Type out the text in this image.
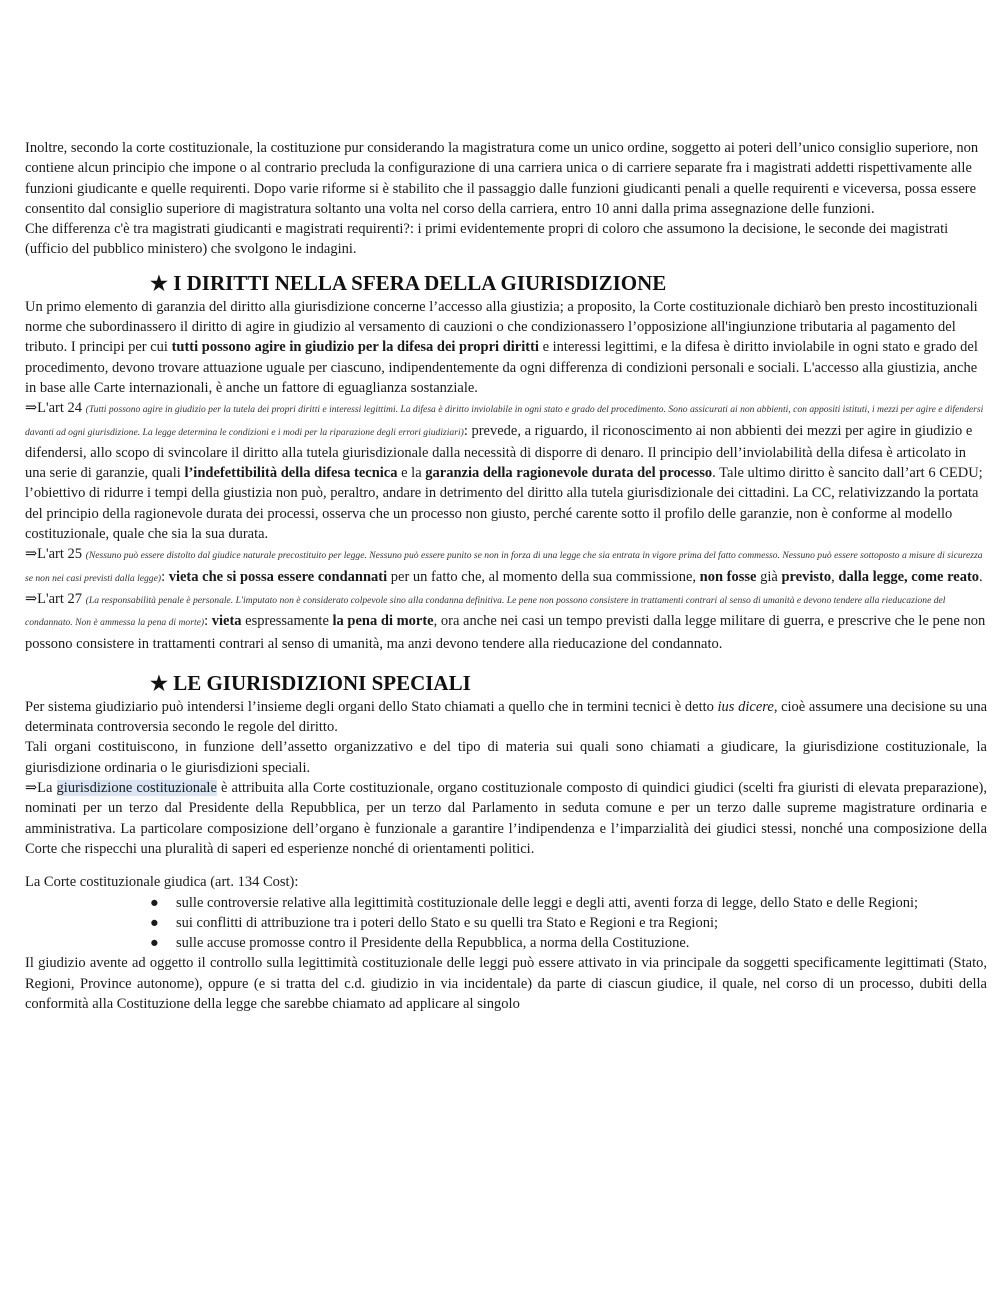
Inoltre, secondo la corte costituzionale, la costituzione pur considerando la magistratura come un unico ordine, soggetto ai poteri dell’unico consiglio superiore, non contiene alcun principio che impone o al contrario precluda la configurazione di una carriera unica o di carriere separate fra i magistrati addetti rispettivamente alle funzioni giudicante e quelle requirenti. Dopo varie riforme si è stabilito che il passaggio dalle funzioni giudicanti penali a quelle requirenti e viceversa, possa essere consentito dal consiglio superiore di magistratura soltanto una volta nel corso della carriera, entro 10 anni dalla prima assegnazione delle funzioni.

Che differenza c'è tra magistrati giudicanti e magistrati requirenti?: i primi evidentemente propri di coloro che assumono la decisione, le seconde dei magistrati (ufficio del pubblico ministero) che svolgono le indagini.

★ I DIRITTI NELLA SFERA DELLA GIURISDIZIONE

Un primo elemento di garanzia del diritto alla giurisdizione concerne l’accesso alla giustizia; a proposito, la Corte costituzionale dichiarò ben presto incostituzionali norme che subordinassero il diritto di agire in giudizio al versamento di cauzioni o che condizionassero l’opposizione all'ingiunzione tributaria al pagamento del tributo. I principi per cui tutti possono agire in giudizio per la difesa dei propri diritti e interessi legittimi, e la difesa è diritto inviolabile in ogni stato e grado del procedimento, devono trovare attuazione uguale per ciascuno, indipendentemente da ogni differenza di condizioni personali e sociali. L'accesso alla giustizia, anche in base alle Carte internazionali, è anche un fattore di eguaglianza sostanziale.

⇒L'art 24 (Tutti possono agire in giudizio per la tutela dei propri diritti e interessi legittimi. La difesa è diritto inviolabile in ogni stato e grado del procedimento. Sono assicurati ai non abbienti, con appositi istituti, i mezzi per agire e difendersi davanti ad ogni giurisdizione. La legge determina le condizioni e i modi per la riparazione degli errori giudiziari): prevede, a riguardo, il riconoscimento ai non abbienti dei mezzi per agire in giudizio e difendersi, allo scopo di svincolare il diritto alla tutela giurisdizionale dalla necessità di disporre di denaro. Il principio dell’inviolabilità della difesa è articolato in una serie di garanzie, quali l’indefettibilità della difesa tecnica e la garanzia della ragionevole durata del processo. Tale ultimo diritto è sancito dall’art 6 CEDU; l’obiettivo di ridurre i tempi della giustizia non può, peraltro, andare in detrimento del diritto alla tutela giurisdizionale dei cittadini. La CC, relativizzando la portata del principio della ragionevole durata dei processi, osserva che un processo non giusto, perché carente sotto il profilo delle garanzie, non è conforme al modello costituzionale, quale che sia la sua durata.

⇒L'art 25 (Nessuno può essere distolto dal giudice naturale precostituito per legge. Nessuno può essere punito se non in forza di una legge che sia entrata in vigore prima del fatto commesso. Nessuno può essere sottoposto a misure di sicurezza se non nei casi previsti dalla legge): vieta che si possa essere condannati per un fatto che, al momento della sua commissione, non fosse già previsto, dalla legge, come reato.

⇒L'art 27 (La responsabilità penale è personale. L'imputato non è considerato colpevole sino alla condanna definitiva. Le pene non possono consistere in trattamenti contrari al senso di umanità e devono tendere alla rieducazione del condannato. Non è ammessa la pena di morte): vieta espressamente la pena di morte, ora anche nei casi un tempo previsti dalla legge militare di guerra, e prescrive che le pene non possono consistere in trattamenti contrari al senso di umanità, ma anzi devono tendere alla rieducazione del condannato.

★ LE GIURISDIZIONI SPECIALI

Per sistema giudiziario può intendersi l’insieme degli organi dello Stato chiamati a quello che in termini tecnici è detto ius dicere, cioè assumere una decisione su una determinata controversia secondo le regole del diritto.

Tali organi costituiscono, in funzione dell’assetto organizzativo e del tipo di materia sui quali sono chiamati a giudicare, la giurisdizione costituzionale, la giurisdizione ordinaria o le giurisdizioni speciali.

⇒La giurisdizione costituzionale è attribuita alla Corte costituzionale, organo costituzionale composto di quindici giudici (scelti fra giuristi di elevata preparazione), nominati per un terzo dal Presidente della Repubblica, per un terzo dal Parlamento in seduta comune e per un terzo dalle supreme magistrature ordinaria e amministrativa. La particolare composizione dell’organo è funzionale a garantire l’indipendenza e l’imparzialità dei giudici stessi, nonché una composizione della Corte che rispecchi una pluralità di saperi ed esperienze nonché di orientamenti politici.

La Corte costituzionale giudica (art. 134 Cost):

● sulle controversie relative alla legittimità costituzionale delle leggi e degli atti, aventi forza di legge, dello Stato e delle Regioni;
● sui conflitti di attribuzione tra i poteri dello Stato e su quelli tra Stato e Regioni e tra Regioni;
● sulle accuse promosse contro il Presidente della Repubblica, a norma della Costituzione.

Il giudizio avente ad oggetto il controllo sulla legittimità costituzionale delle leggi può essere attivato in via principale da soggetti specificamente legittimati (Stato, Regioni, Province autonome), oppure (e si tratta del c.d. giudizio in via incidentale) da parte di ciascun giudice, il quale, nel corso di un processo, dubiti della conformità alla Costituzione della legge che sarebbe chiamato ad applicare al singolo
